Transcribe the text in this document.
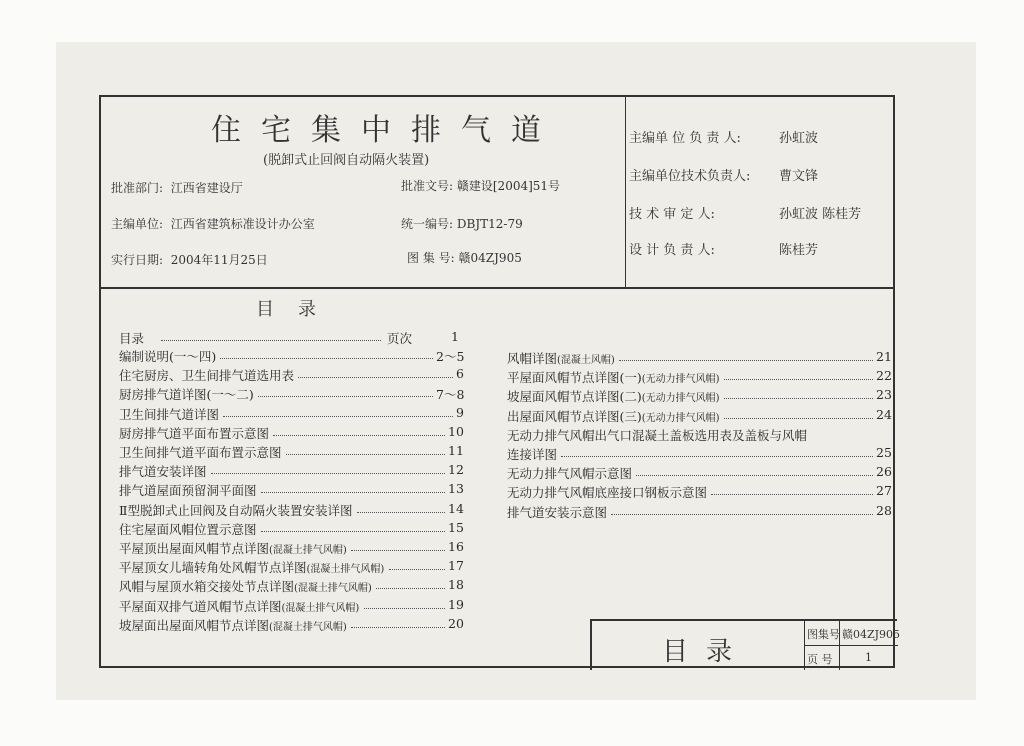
住宅集中排气道
(脱卸式止回阀自动隔火装置)
批准部门: 江西省建设厅	批准文号: 赣建设[2004]51号
主编单位: 江西省建筑标准设计办公室	统一编号: DBJT12-79
实行日期: 2004年11月25日	图 集 号: 赣04ZJ905
主编单 位 负 责 人:	孙虹波
主编单位技术负责人: 曹文锋
技 术 审 定 人:	孙虹波 陈桂芳
设 计 负 责 人:	陈桂芳
目录
目录	页次	1
编制说明(一～四)	2～5
住宅厨房、卫生间排气道选用表	6
厨房排气道详图(一～二)	7～8
卫生间排气道详图	9
厨房排气道平面布置示意图	10
卫生间排气道平面布置示意图	11
排气道安装详图	12
排气道屋面预留洞平面图	13
Ⅱ型脱卸式止回阀及自动隔火装置安装详图	14
住宅屋面风帽位置示意图	15
平屋顶出屋面风帽节点详图(混凝土排气风帽)	16
平屋顶女儿墙转角处风帽节点详图(混凝土排气风帽)	17
风帽与屋顶水箱交接处节点详图(混凝土排气风帽)	18
平屋面双排气道风帽节点详图(混凝土排气风帽)	19
坡屋面出屋面风帽节点详图(混凝土排气风帽)	20
风帽详图(混凝土风帽)	21
平屋面风帽节点详图(一)(无动力排气风帽)	22
坡屋面风帽节点详图(二)(无动力排气风帽)	23
出屋面风帽节点详图(三)(无动力排气风帽)	24
无动力排气风帽出气口混凝土盖板选用表及盖板与风帽
连接详图	25
无动力排气风帽示意图	26
无动力排气风帽底座接口钢板示意图	27
排气道安装示意图	28
目录
图集号 赣04ZJ905
页 号	1
